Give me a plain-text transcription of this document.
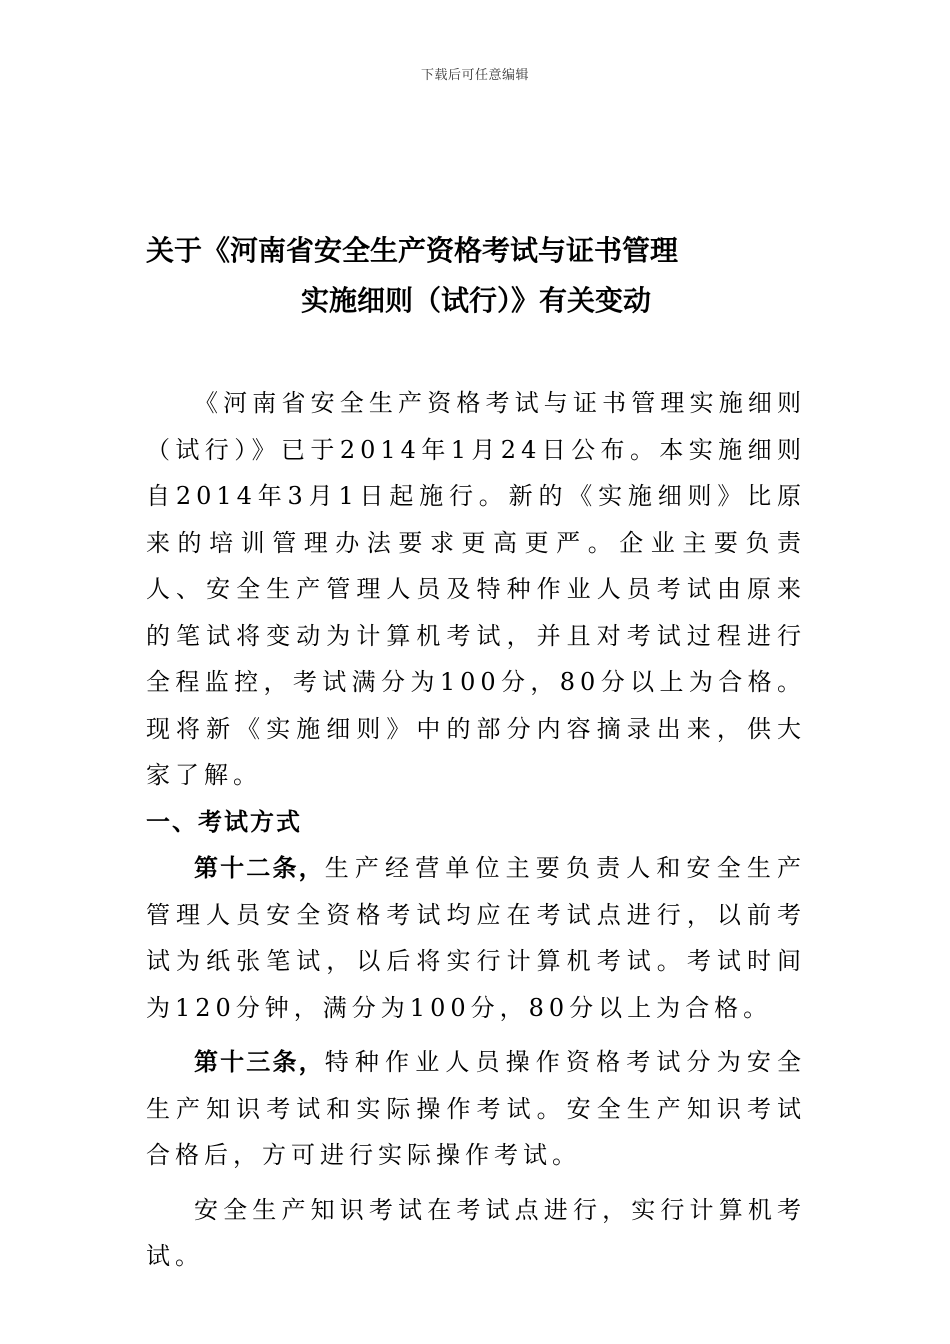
下载后可任意编辑
关于《河南省安全生产资格考试与证书管理
实施细则（试行）》有关变动

《河南省安全生产资格考试与证书管理实施细则（试行）》已于2014年1月24日公布。本实施细则自2014年3月1日起施行。新的《实施细则》比原来的培训管理办法要求更高更严。企业主要负责人、安全生产管理人员及特种作业人员考试由原来的笔试将变动为计算机考试，并且对考试过程进行全程监控，考试满分为100分，80分以上为合格。现将新《实施细则》中的部分内容摘录出来，供大家了解。

一、考试方式

第十二条，生产经营单位主要负责人和安全生产管理人员安全资格考试均应在考试点进行，以前考试为纸张笔试，以后将实行计算机考试。考试时间为120分钟，满分为100分，80分以上为合格。

第十三条，特种作业人员操作资格考试分为安全生产知识考试和实际操作考试。安全生产知识考试合格后，方可进行实际操作考试。

安全生产知识考试在考试点进行，实行计算机考试。
